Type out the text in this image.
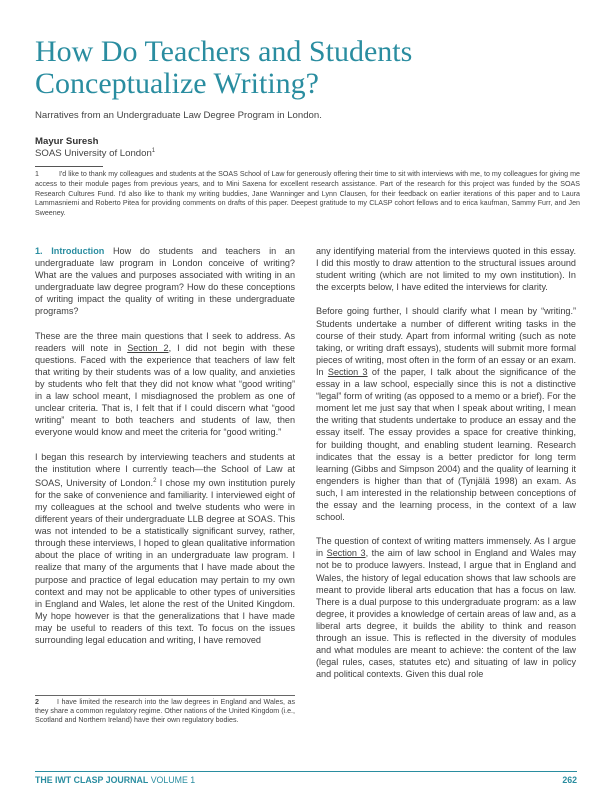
How Do Teachers and Students Conceptualize Writing?
Narratives from an Undergraduate Law Degree Program in London.
Mayur Suresh
SOAS University of London$^1$
1	I'd like to thank my colleagues and students at the SOAS School of Law for generously offering their time to sit with interviews with me, to my colleagues for giving me access to their module pages from previous years, and to Mini Saxena for excellent research assistance. Part of the research for this project was funded by the SOAS Research Cultures Fund. I'd also like to thank my writing buddies, Jane Wanninger and Lynn Clausen, for their feedback on earlier iterations of this paper and to Laura Lammasniemi and Roberto Pitea for providing comments on drafts of this paper. Deepest gratitude to my CLASP cohort fellows and to erica kaufman, Sammy Furr, and Jen Sweeney.

1. Introduction How do students and teachers in an undergraduate law program in London conceive of writing? What are the values and purposes associated with writing in an undergraduate law degree program? How do these conceptions of writing impact the quality of writing in these undergraduate programs?

These are the three main questions that I seek to address. As readers will note in Section 2, I did not begin with these questions. Faced with the experience that teachers of law felt that writing by their students was of a low quality, and anxieties by students who felt that they did not know what “good writing” in a law school meant, I misdiagnosed the problem as one of unclear criteria. That is, I felt that if I could discern what “good writing” meant to both teachers and students of law, then everyone would know and meet the criteria for “good writing.”

I began this research by interviewing teachers and students at the institution where I currently teach—the School of Law at SOAS, University of London.$^2$ I chose my own institution purely for the sake of convenience and familiarity. I interviewed eight of my colleagues at the school and twelve students who were in different years of their undergraduate LLB degree at SOAS. This was not intended to be a statistically significant survey, rather, through these interviews, I hoped to glean qualitative information about the place of writing in an undergraduate law program. I realize that many of the arguments that I have made about the purpose and practice of legal education may pertain to my own context and may not be applicable to other types of universities in England and Wales, let alone the rest of the United Kingdom. My hope however is that the generalizations that I have made may be useful to readers of this text. To focus on the issues surrounding legal education and writing, I have removed

any identifying material from the interviews quoted in this essay. I did this mostly to draw attention to the structural issues around student writing (which are not limited to my own institution). In the excerpts below, I have edited the interviews for clarity.

Before going further, I should clarify what I mean by “writing.” Students undertake a number of different writing tasks in the course of their study. Apart from informal writing (such as note taking, or writing draft essays), students will submit more formal pieces of writing, most often in the form of an essay or an exam. In Section 3 of the paper, I talk about the significance of the essay in a law school, especially since this is not a distinctive “legal” form of writing (as opposed to a memo or a brief). For the moment let me just say that when I speak about writing, I mean the writing that students undertake to produce an essay and the essay itself. The essay provides a space for creative thinking, for building thought, and enabling student learning. Research indicates that the essay is a better predictor for long term learning (Gibbs and Simpson 2004) and the quality of learning it engenders is higher than that of (Tynjälä 1998) an exam. As such, I am interested in the relationship between conceptions of the essay and the learning process, in the context of a law school.

The question of context of writing matters immensely. As I argue in Section 3, the aim of law school in England and Wales may not be to produce lawyers. Instead, I argue that in England and Wales, the history of legal education shows that law schools are meant to provide liberal arts education that has a focus on law. There is a dual purpose to this undergraduate program: as a law degree, it provides a knowledge of certain areas of law and, as a liberal arts degree, it builds the ability to think and reason through an issue. This is reflected in the diversity of modules and what modules are meant to achieve: the content of the law (legal rules, cases, statutes etc) and situating of law in policy and political contexts. Given this dual role

2	I have limited the research into the law degrees in England and Wales, as they share a common regulatory regime. Other nations of the United Kingdom (i.e., Scotland and Northern Ireland) have their own regulatory bodies.
THE IWT CLASP JOURNAL VOLUME 1	262
